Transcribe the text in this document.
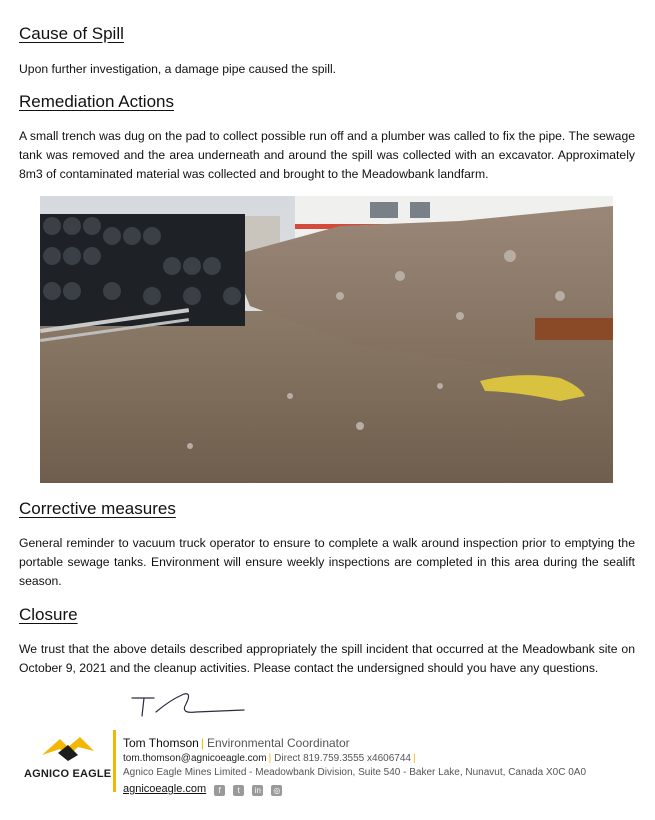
Cause of Spill

Upon further investigation, a damage pipe caused the spill.

Remediation Actions

A small trench was dug on the pad to collect possible run off and a plumber was called to fix the pipe. The sewage tank was removed and the area underneath and around the spill was collected with an excavator. Approximately 8m3 of contaminated material was collected and brought to the Meadowbank landfarm.

Corrective measures

General reminder to vacuum truck operator to ensure to complete a walk around inspection prior to emptying the portable sewage tanks. Environment will ensure weekly inspections are completed in this area during the sealift season.

Closure

We trust that the above details described appropriately the spill incident that occurred at the Meadowbank site on October 9, 2021 and the cleanup activities. Please contact the undersigned should you have any questions.

AGNICO EAGLE
Tom Thomson | Environmental Coordinator
tom.thomson@agnicoeagle.com | Direct 819.759.3555 x4606744 |
Agnico Eagle Mines Limited - Meadowbank Division, Suite 540 - Baker Lake, Nunavut, Canada X0C 0A0
agnicoeagle.com f t in ◎
